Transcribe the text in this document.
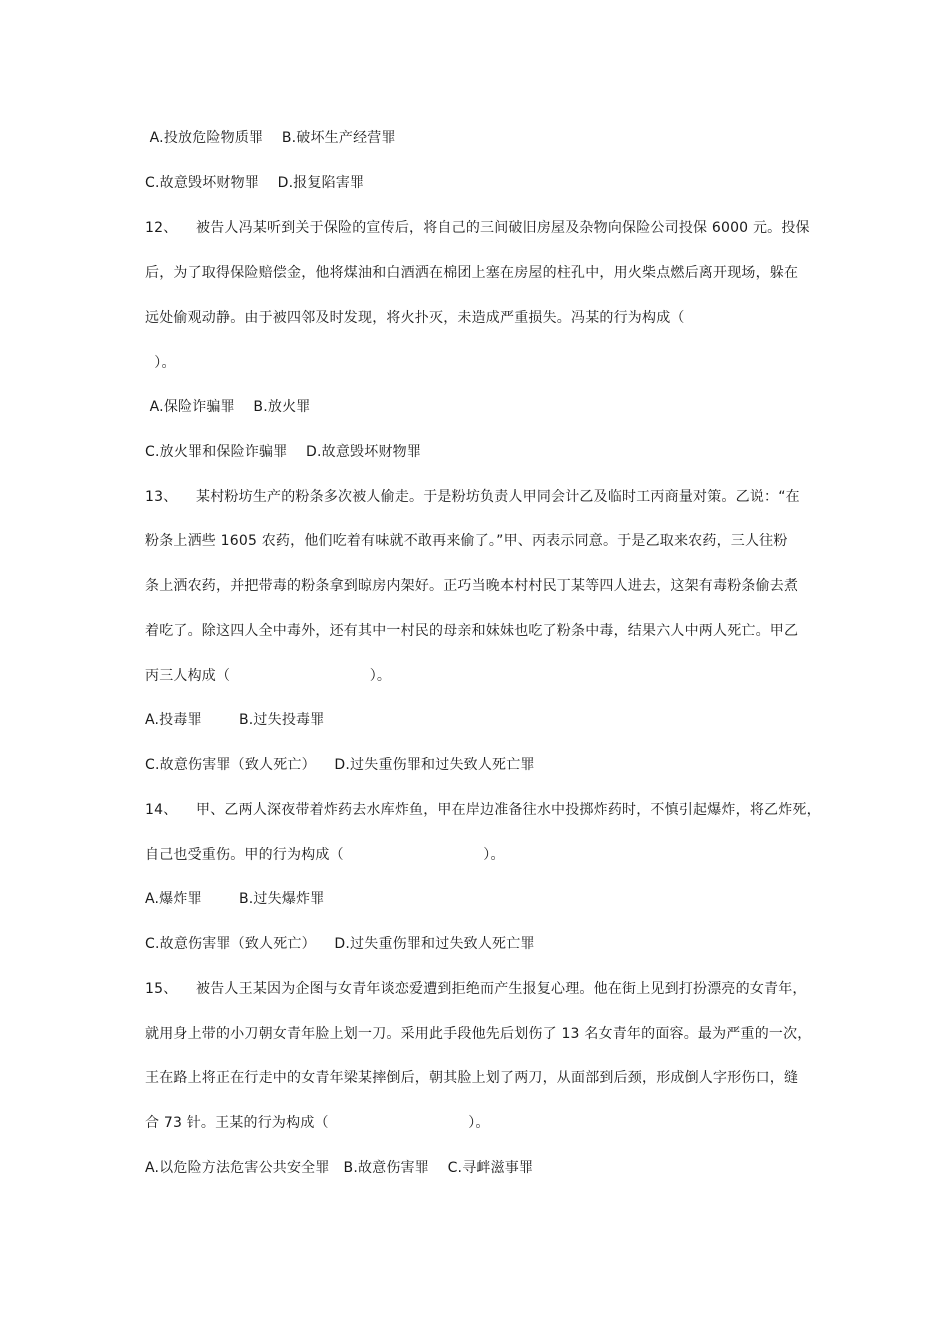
A.投放危险物质罪    B.破坏生产经营罪
C.故意毁坏财物罪    D.报复陷害罪
12、    被告人冯某听到关于保险的宣传后，将自己的三间破旧房屋及杂物向保险公司投保 6000 元。投保
后，为了取得保险赔偿金，他将煤油和白酒洒在棉团上塞在房屋的柱孔中，用火柴点燃后离开现场，躲在
远处偷观动静。由于被四邻及时发现，将火扑灭，未造成严重损失。冯某的行为构成（
）。
A.保险诈骗罪    B.放火罪
C.放火罪和保险诈骗罪    D.故意毁坏财物罪
13、    某村粉坊生产的粉条多次被人偷走。于是粉坊负责人甲同会计乙及临时工丙商量对策。乙说：“在
粉条上洒些 1605 农药，他们吃着有味就不敢再来偷了。”甲、丙表示同意。于是乙取来农药，三人往粉
条上洒农药，并把带毒的粉条拿到晾房内架好。正巧当晚本村村民丁某等四人进去，这架有毒粉条偷去煮
着吃了。除这四人全中毒外，还有其中一村民的母亲和妹妹也吃了粉条中毒，结果六人中两人死亡。甲乙
丙三人构成（                              ）。
A.投毒罪        B.过失投毒罪
C.故意伤害罪（致人死亡）    D.过失重伤罪和过失致人死亡罪
14、    甲、乙两人深夜带着炸药去水库炸鱼，甲在岸边准备往水中投掷炸药时，不慎引起爆炸，将乙炸死，
自己也受重伤。甲的行为构成（                              ）。
A.爆炸罪        B.过失爆炸罪
C.故意伤害罪（致人死亡）    D.过失重伤罪和过失致人死亡罪
15、    被告人王某因为企图与女青年谈恋爱遭到拒绝而产生报复心理。他在街上见到打扮漂亮的女青年，
就用身上带的小刀朝女青年脸上划一刀。采用此手段他先后划伤了 13 名女青年的面容。最为严重的一次，
王在路上将正在行走中的女青年梁某摔倒后，朝其脸上划了两刀，从面部到后颈，形成倒人字形伤口，缝
合 73 针。王某的行为构成（                              ）。
A.以危险方法危害公共安全罪   B.故意伤害罪    C.寻衅滋事罪
